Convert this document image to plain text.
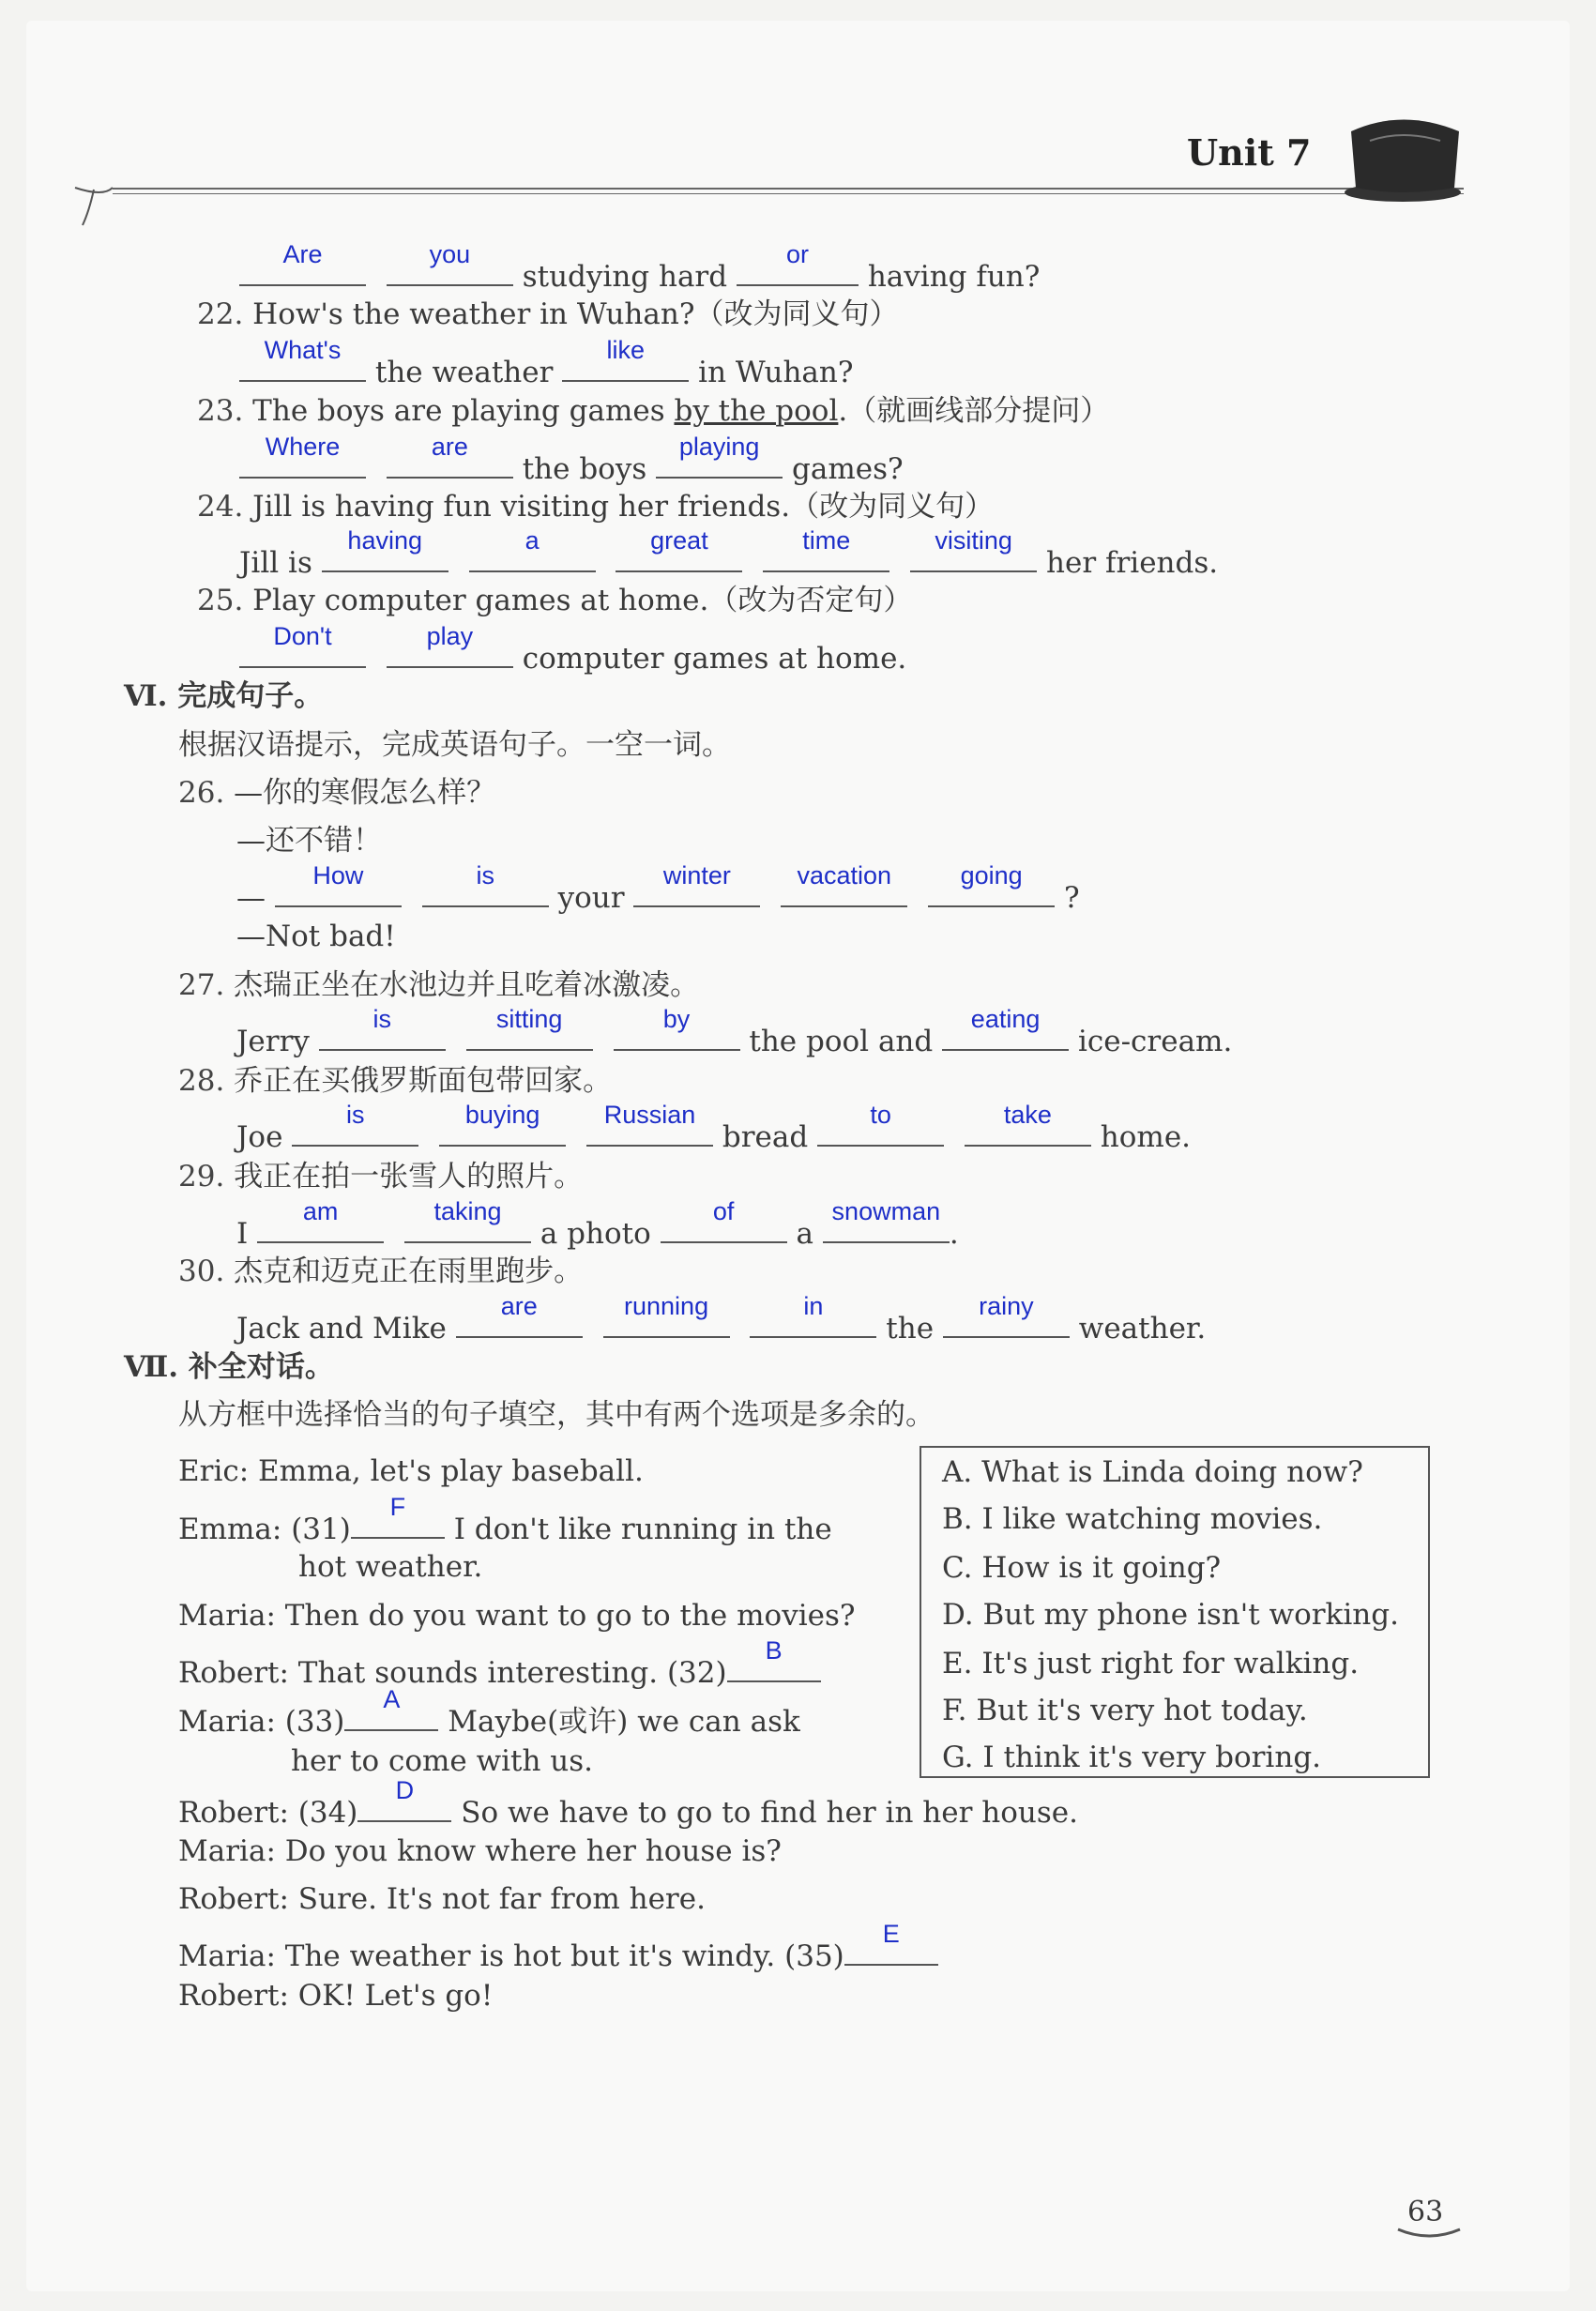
Unit 7
Are
	you
studying hard
or
having fun?
22. How's the weather in Wuhan?（改为同义句）
What's
the weather
like
in Wuhan?
23. The boys are playing games by the pool.（就画线部分提问）
Where
	are
the boys
playing
games?
24. Jill is having fun visiting her friends.（改为同义句）
Jill is
having
	a
	great
	time
	visiting
her friends.
25. Play computer games at home.（改为否定句）
Don't
	play
computer games at home.
Ⅵ. 完成句子。
根据汉语提示，完成英语句子。一空一词。
26. —你的寒假怎么样？
—还不错！
—
How
	is
your
winter
	vacation
	going
?
—Not bad!
27. 杰瑞正坐在水池边并且吃着冰激凌。
Jerry
is
	sitting
	by
the pool and
eating
ice-cream.
28. 乔正在买俄罗斯面包带回家。
Joe
is
	buying
	Russian
bread
to
	take
home.
29. 我正在拍一张雪人的照片。
I
am
	taking
a photo
of
a
snowman
.
30. 杰克和迈克正在雨里跑步。
Jack and Mike
are
	running
	in
the
rainy
weather.
Ⅶ. 补全对话。
从方框中选择恰当的句子填空，其中有两个选项是多余的。
A. What is Linda doing now?
B. I like watching movies.
C. How is it going?
D. But my phone isn't working.
E. It's just right for walking.
F. But it's very hot today.
G. I think it's very boring.
Eric: Emma, let's play baseball.
Emma: (31)
F
I don't like running in the
hot weather.
Maria: Then do you want to go to the movies?
Robert: That sounds interesting. (32)
B
Maria: (33)
A
Maybe(或许) we can ask
her to come with us.
Robert: (34)
D
So we have to go to find her in her house.
Maria: Do you know where her house is?
Robert: Sure. It's not far from here.
Maria: The weather is hot but it's windy. (35)
E
Robert: OK! Let's go!
63
